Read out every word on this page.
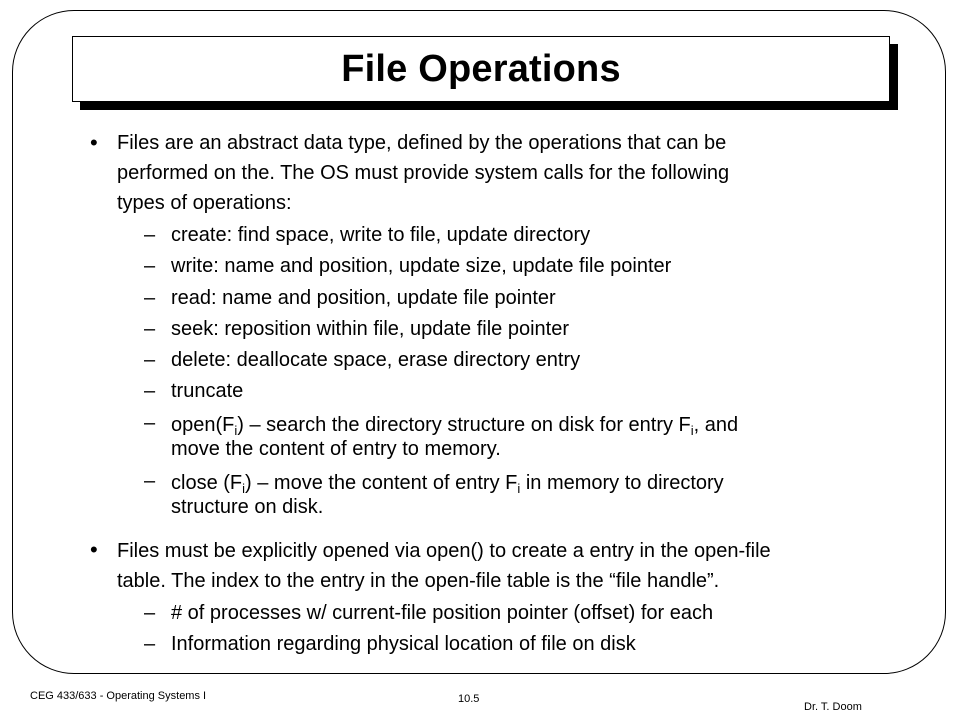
File Operations
• Files are an abstract data type, defined by the operations that can be
performed on the. The OS must provide system calls for the following
types of operations:
– create: find space, write to file, update directory
– write: name and position, update size, update file pointer
– read: name and position, update file pointer
– seek: reposition within file, update file pointer
– delete: deallocate space, erase directory entry
– truncate
– $open(F_i)$ – search the directory structure on disk for entry $F_i$, and
move the content of entry to memory.
– close $(F_i)$ – move the content of entry $F_i$ in memory to directory
structure on disk.
• Files must be explicitly opened via open() to create a entry in the open-file
table. The index to the entry in the open-file table is the “file handle”.
– # of processes w/ current-file position pointer (offset) for each
– Information regarding physical location of file on disk
CEG 433/633 - Operating Systems I	10.5
Dr. T. Doom
